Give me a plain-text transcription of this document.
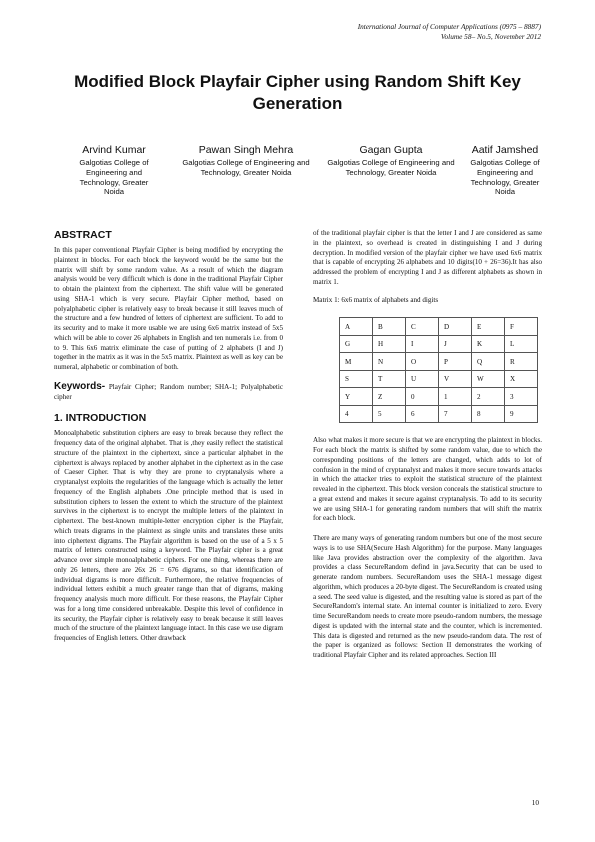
International Journal of Computer Applications (0975 – 8887)
Volume 58– No.5, November 2012
Modified Block Playfair Cipher using Random Shift Key Generation
Arvind Kumar
Galgotias College of Engineering and Technology, Greater Noida
Pawan Singh Mehra
Galgotias College of Engineering and Technology, Greater Noida
Gagan Gupta
Galgotias College of Engineering and Technology, Greater Noida
Aatif Jamshed
Galgotias College of Engineering and Technology, Greater Noida
ABSTRACT

In this paper conventional Playfair Cipher is being modified by encrypting the plaintext in blocks. For each block the keyword would be the same but the matrix will shift by some random value. As a result of which the diagram analysis would be very difficult which is done in the traditional Playfair Cipher to obtain the plaintext from the ciphertext. The shift value will be generated using SHA-1 which is very secure. Playfair Cipher method, based on polyalphabetic cipher is relatively easy to break because it still leaves much of the structure and a few hundred of letters of ciphertext are sufficient. To add to its security and to make it more usable we are using 6x6 matrix instead of 5x5 which will be able to cover 26 alphabets in English and ten numerals i.e. from 0 to 9. This 6x6 matrix eliminate the case of putting of 2 alphabets (I and J) together in the matrix as it was in the 5x5 matrix. Plaintext as well as key can be numeral, alphabetic or combination of both.

Keywords- Playfair Cipher; Random number; SHA-1; Polyalphabetic cipher

1. INTRODUCTION

Monoalphabetic substitution ciphers are easy to break because they reflect the frequency data of the original alphabet. That is ,they easily reflect the statistical structure of the plaintext in the ciphertext, since a particular alphabet in the ciphertext is always replaced by another alphabet in the ciphertext as in the case of Caeser Cipher. That is why they are prone to cryptanalysis where a cryptanalyst exploits the regularities of the language which is actually the letter frequency of the English alphabets .One principle method that is used in substitution ciphers to lessen the extent to which the structure of the plaintext survives in the ciphertext is to encrypt the multiple letters of the plaintext in ciphertext. The best-known multiple-letter encryption cipher is the Playfair, which treats digrams in the plaintext as single units and translates these units into ciphertext digrams. The Playfair algorithm is based on the use of a 5 x 5 matrix of letters constructed using a keyword. The Playfair cipher is a great advance over simple monoalphabetic ciphers. For one thing, whereas there are only 26 letters, there are 26x 26 = 676 digrams, so that identification of individual digrams is more difficult. Furthermore, the relative frequencies of individual letters exhibit a much greater range than that of digrams, making frequency analysis much more difficult. For these reasons, the Playfair Cipher was for a long time considered unbreakable. Despite this level of confidence in its security, the Playfair cipher is relatively easy to break because it still leaves much of the structure of the plaintext language intact. In this case we use digram frequencies of English letters. Other drawback

of the traditional playfair cipher is that the letter I and J are considered as same in the plaintext, so overhead is created in distinguishing I and J during decryption. In modified version of the playfair cipher we have used 6x6 matrix that is capable of encrypting 26 alphabets and 10 digits(10 + 26=36).It has also addressed the problem of encrypting I and J as different alphabets as shown in matrix 1.

Matrix 1: 6x6 matrix of alphabets and digits
A	B	C	D	E	F
G	H	I	J	K	L
M	N	O	P	Q	R
S	T	U	V	W	X
Y	Z	0	1	2	3
4	5	6	7	8	9

Also what makes it more secure is that we are encrypting the plaintext in blocks. For each block the matrix is shifted by some random value, due to which the corresponding positions of the letters are changed, which adds to lot of confusion in the mind of cryptanalyst and makes it more secure towards attacks in which the attacker tries to exploit the statistical structure of the plaintext revealed in the ciphertext. This block version conceals the statistical structure to a great extend and makes it secure against cryptanalysis. To add to its security we are using SHA-1 for generating random numbers that will shift the matrix for each block.

There are many ways of generating random numbers but one of the most secure ways is to use SHA(Secure Hash Algorithm) for the purpose. Many languages like Java provides abstraction over the complexity of the algorithm. Java provides a class SecureRandom defind in java.Security that can be used to generate random numbers. SecureRandom uses the SHA-1 message digest algorithm, which produces a 20-byte digest. The SecureRandom is created using a seed. The seed value is digested, and the resulting value is stored as part of the SecureRandom's internal state. An internal counter is initialized to zero. Every time SecureRandom needs to create more pseudo-random numbers, the message digest is updated with the internal state and the counter, which is incremented. This data is digested and returned as the new pseudo-random data. The rest of the paper is organized as follows: Section II demonstrates the working of traditional Playfair Cipher and its related approaches. Section III

10
